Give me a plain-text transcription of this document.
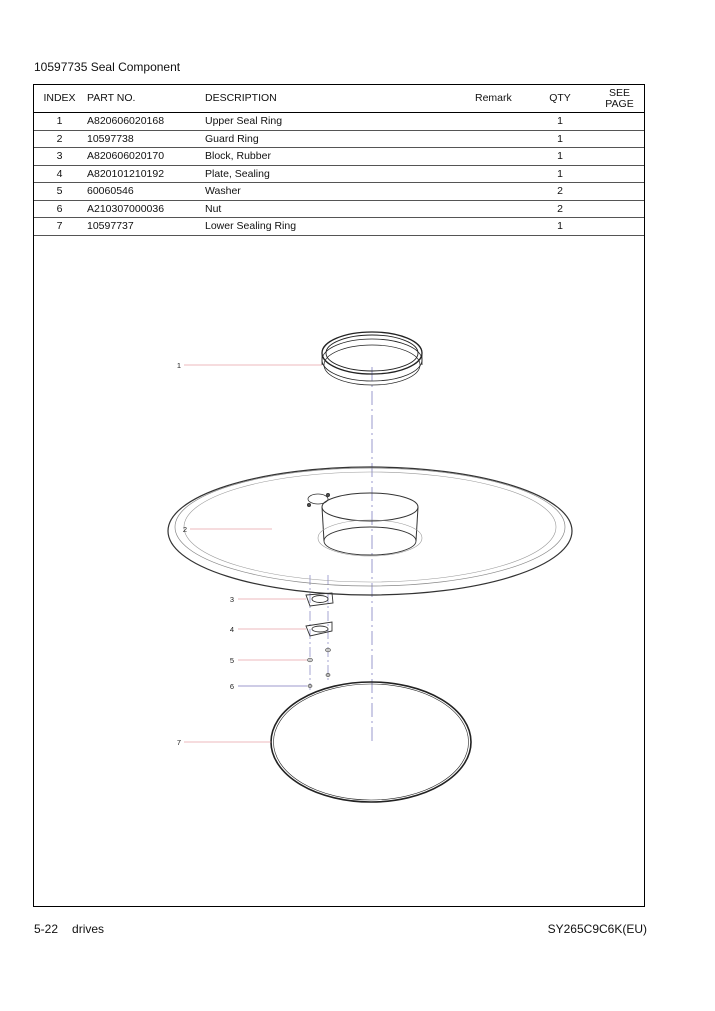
10597735 Seal Component
INDEX	PART NO.	DESCRIPTION	Remark	QTY	SEE
PAGE

1	A820606020168	Upper Seal Ring		1	
2	10597738	Guard Ring		1	
3	A820606020170	Block, Rubber		1	
4	A820101210192	Plate, Sealing		1	
5	60060546	Washer		2	
6	A210307000036	Nut		2	
7	10597737	Lower Sealing Ring		1	
1
2
3
4
5
6
7
5-22 drives	SY265C9C6K(EU)
